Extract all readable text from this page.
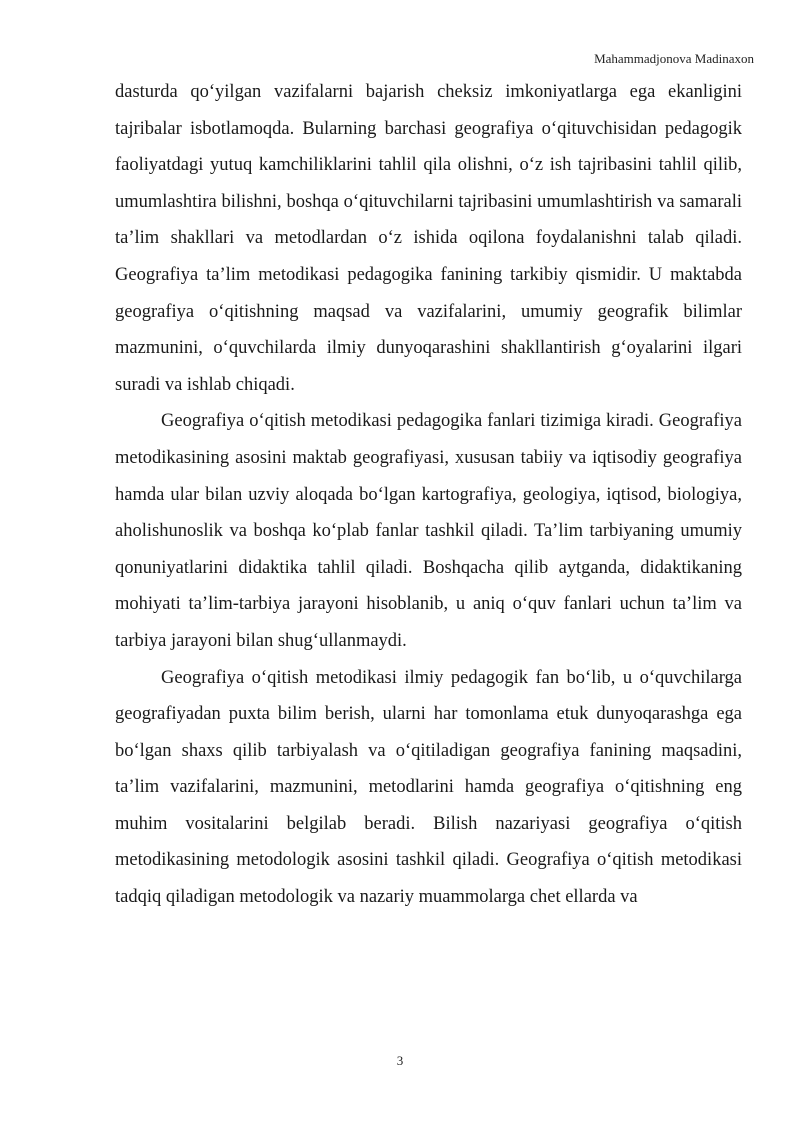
Mahammadjonova Madinaxon

dasturda qo‘yilgan vazifalarni bajarish cheksiz imkoniyatlarga ega ekanligini tajribalar isbotlamoqda. Bularning barchasi geografiya o‘qituvchisidan pedagogik faoliyatdagi yutuq kamchiliklarini tahlil qila olishni, o‘z ish tajribasini tahlil qilib, umumlashtira bilishni, boshqa o‘qituvchilarni tajribasini umumlashtirish va samarali ta’lim shakllari va metodlardan o‘z ishida oqilona foydalanishni talab qiladi. Geografiya ta’lim metodikasi pedagogika fanining tarkibiy qismidir. U maktabda geografiya o‘qitishning maqsad va vazifalarini, umumiy geografik bilimlar mazmunini, o‘quvchilarda ilmiy dunyoqarashini shakllantirish g‘oyalarini ilgari suradi va ishlab chiqadi.

Geografiya o‘qitish metodikasi pedagogika fanlari tizimiga kiradi. Geografiya metodikasining asosini maktab geografiyasi, xususan tabiiy va iqtisodiy geografiya hamda ular bilan uzviy aloqada bo‘lgan kartografiya, geologiya, iqtisod, biologiya, aholishunoslik va boshqa ko‘plab fanlar tashkil qiladi. Ta’lim tarbiyaning umumiy qonuniyatlarini didaktika tahlil qiladi. Boshqacha qilib aytganda, didaktikaning mohiyati ta’lim-tarbiya jarayoni hisoblanib, u aniq o‘quv fanlari uchun ta’lim va tarbiya jarayoni bilan shug‘ullanmaydi.

Geografiya o‘qitish metodikasi ilmiy pedagogik fan bo‘lib, u o‘quvchilarga geografiyadan puxta bilim berish, ularni har tomonlama etuk dunyoqarashga ega bo‘lgan shaxs qilib tarbiyalash va o‘qitiladigan geografiya fanining maqsadini, ta’lim vazifalarini, mazmunini, metodlarini hamda geografiya o‘qitishning eng muhim vositalarini belgilab beradi. Bilish nazariyasi geografiya o‘qitish metodikasining metodologik asosini tashkil qiladi. Geografiya o‘qitish metodikasi tadqiq qiladigan metodologik va nazariy muammolarga chet ellarda va

3
